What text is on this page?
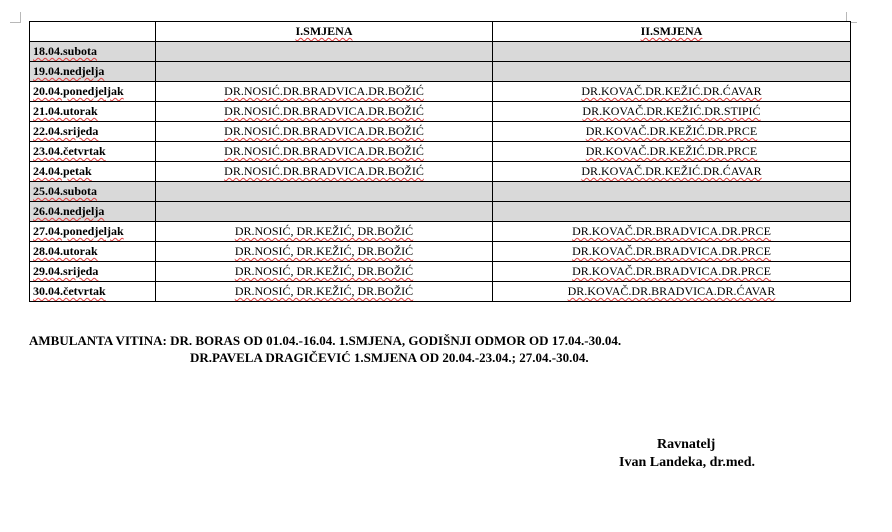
	I.SMJENA	II.SMJENA
18.04.subota		
19.04.nedjelja		
20.04.ponedjeljak	DR.NOSIĆ.DR.BRADVICA.DR.BOŽIĆ	DR.KOVAČ.DR.KEŽIĆ.DR.ĆAVAR
21.04.utorak	DR.NOSIĆ.DR.BRADVICA.DR.BOŽIĆ	DR.KOVAČ.DR.KEŽIĆ.DR.STIPIĆ
22.04.srijeda	DR.NOSIĆ.DR.BRADVICA.DR.BOŽIĆ	DR.KOVAČ.DR.KEŽIĆ.DR.PRCE
23.04.četvrtak	DR.NOSIĆ.DR.BRADVICA.DR.BOŽIĆ	DR.KOVAČ.DR.KEŽIĆ.DR.PRCE
24.04.petak	DR.NOSIĆ.DR.BRADVICA.DR.BOŽIĆ	DR.KOVAČ.DR.KEŽIĆ.DR.ĆAVAR
25.04.subota		
26.04.nedjelja		
27.04.ponedjeljak	DR.NOSIĆ, DR.KEŽIĆ, DR.BOŽIĆ	DR.KOVAČ.DR.BRADVICA.DR.PRCE
28.04.utorak	DR.NOSIĆ, DR.KEŽIĆ, DR.BOŽIĆ	DR.KOVAČ.DR.BRADVICA.DR.PRCE
29.04.srijeda	DR.NOSIĆ, DR.KEŽIĆ, DR.BOŽIĆ	DR.KOVAČ.DR.BRADVICA.DR.PRCE
30.04.četvrtak	DR.NOSIĆ, DR.KEŽIĆ, DR.BOŽIĆ	DR.KOVAČ.DR.BRADVICA.DR.ĆAVAR
AMBULANTA VITINA: DR. BORAS OD 01.04.-16.04. 1.SMJENA, GODIŠNJI ODMOR OD 17.04.-30.04.
DR.PAVELA DRAGIČEVIĆ 1.SMJENA OD 20.04.-23.04.; 27.04.-30.04.
Ravnatelj
Ivan Landeka, dr.med.
